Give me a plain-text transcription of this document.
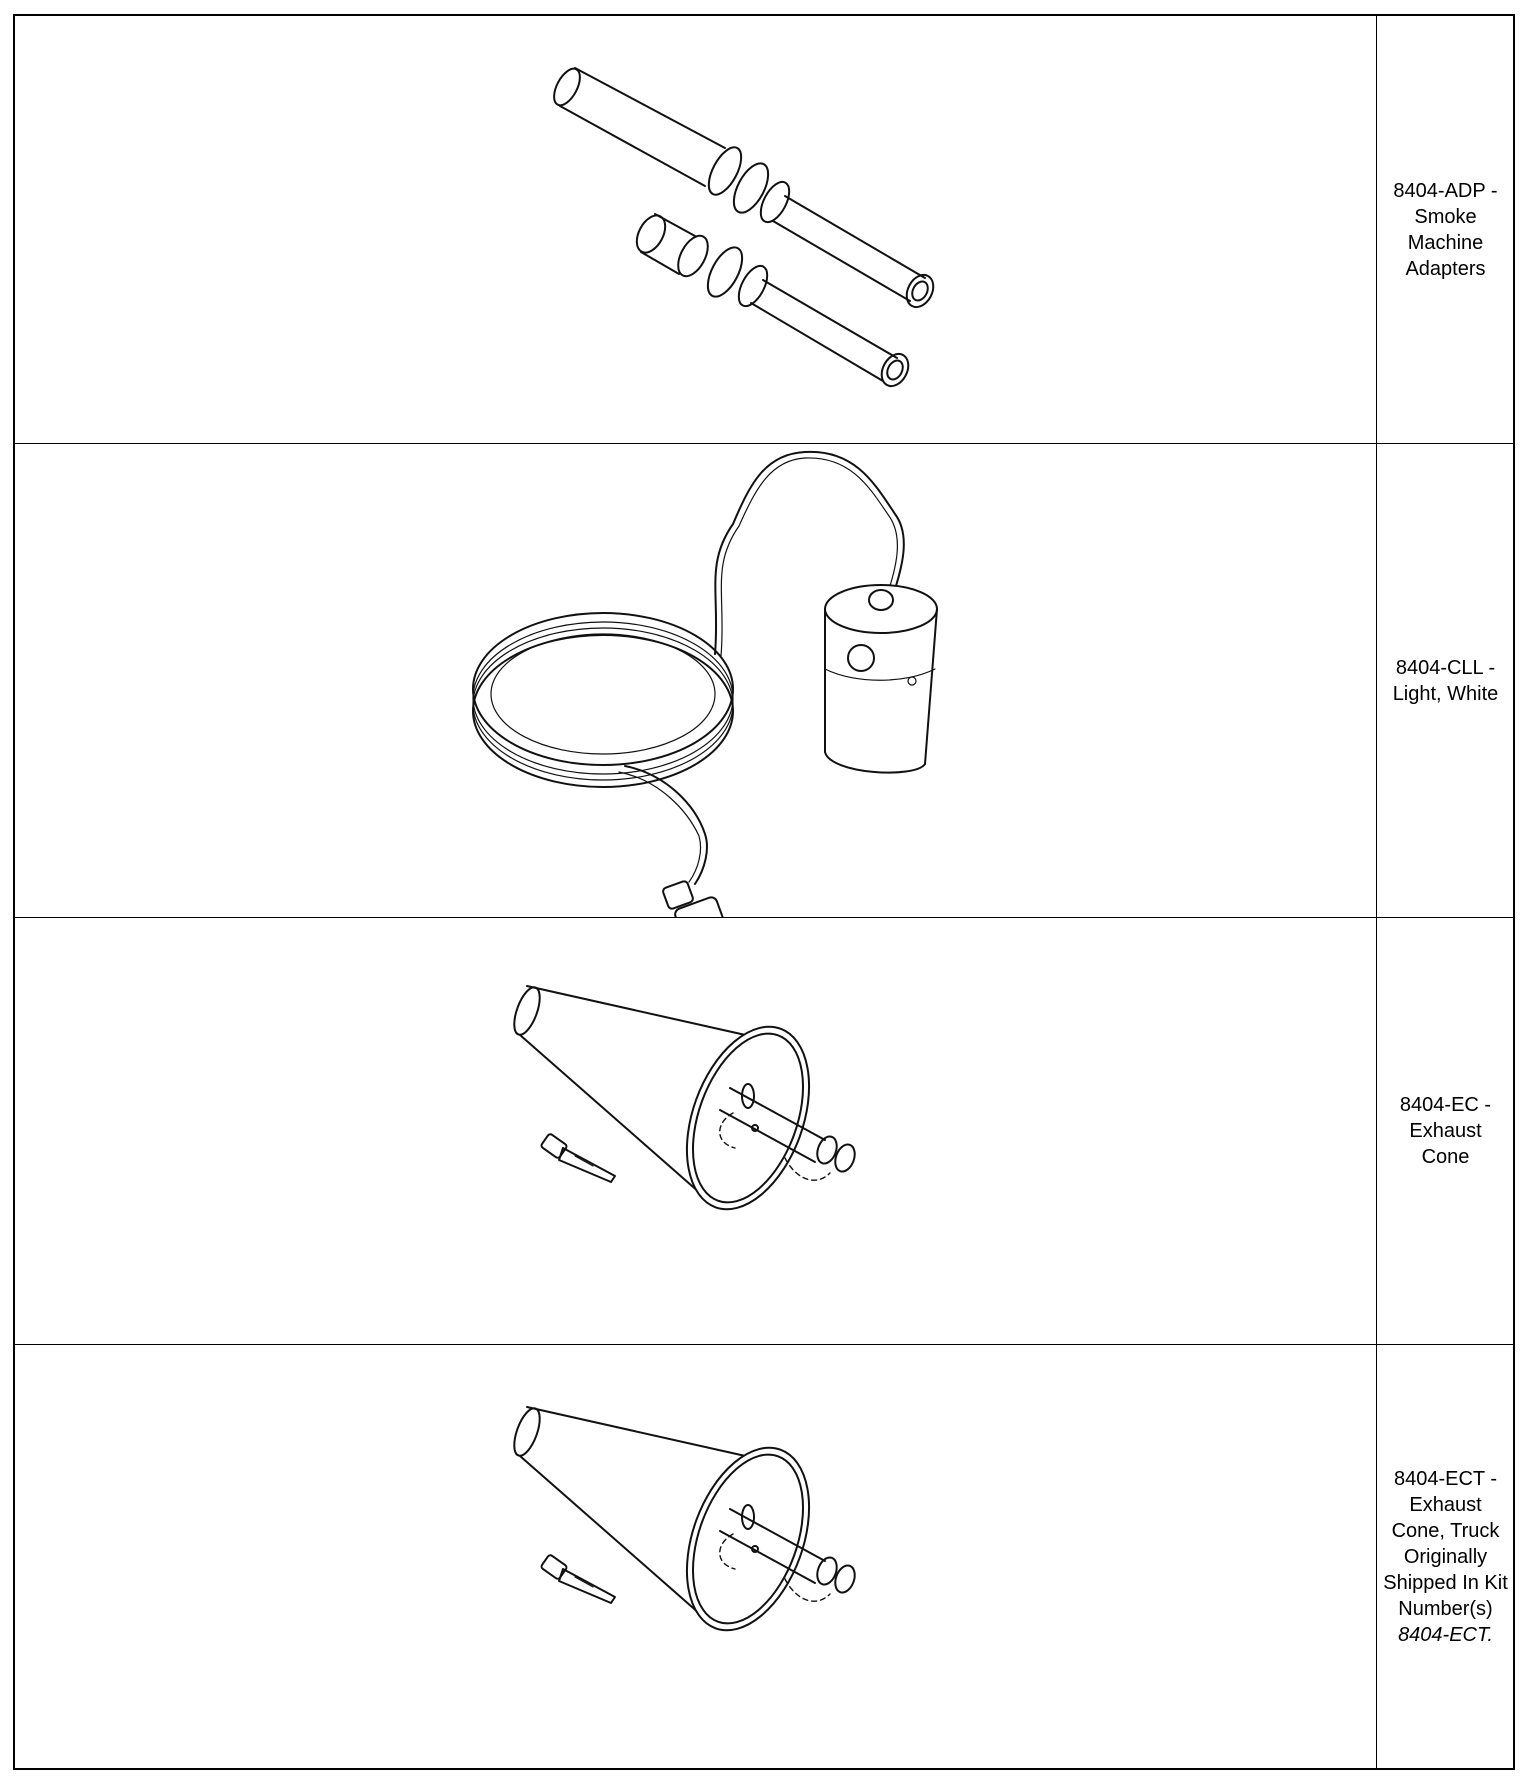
8404-ADP - Smoke Machine Adapters
8404-CLL - Light, White
8404-EC - Exhaust Cone
8404-ECT - Exhaust Cone, Truck Originally Shipped In Kit Number(s) 8404-ECT.
